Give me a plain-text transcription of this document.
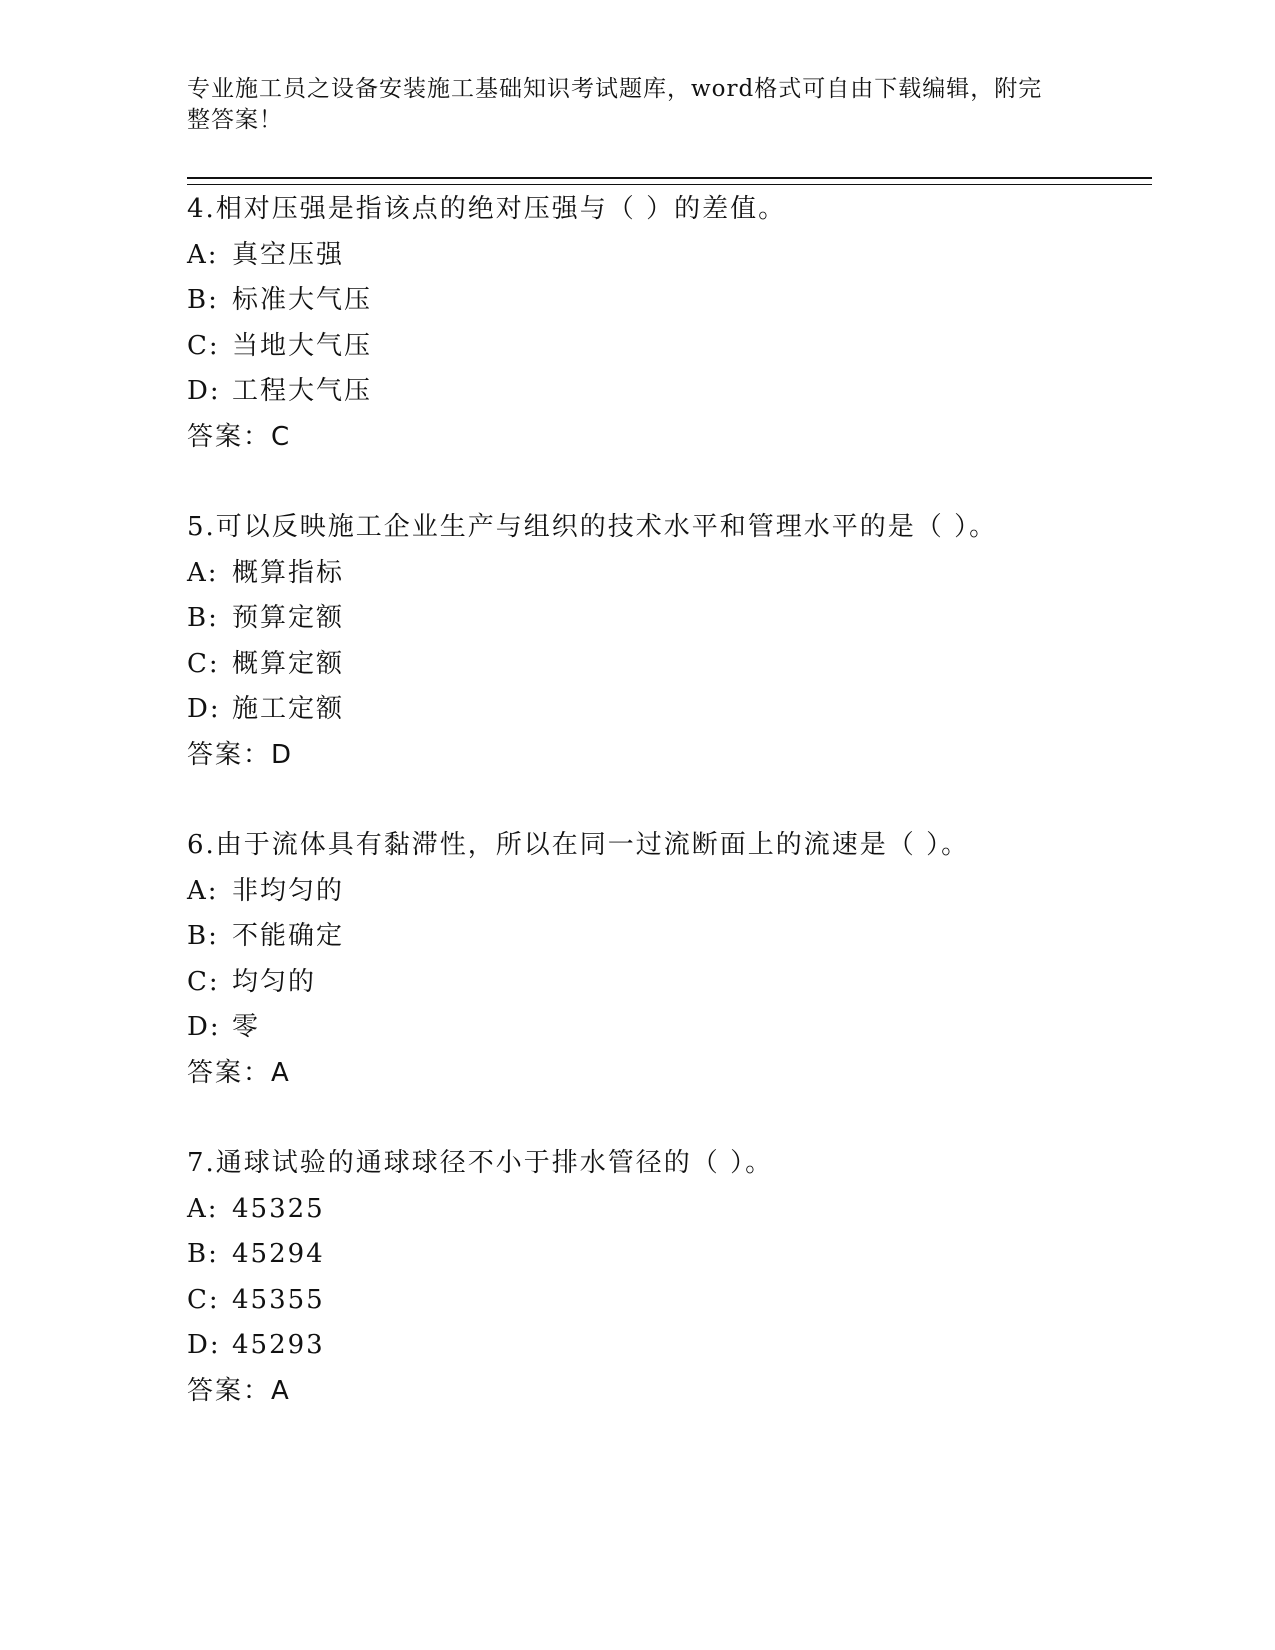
专业施工员之设备安装施工基础知识考试题库，word格式可自由下载编辑，附完
整答案！
4.相对压强是指该点的绝对压强与（ ）的差值。
A: 真空压强
B: 标准大气压
C: 当地大气压
D: 工程大气压
答案：C
5.可以反映施工企业生产与组织的技术水平和管理水平的是（ ）。
A: 概算指标
B: 预算定额
C: 概算定额
D: 施工定额
答案：D
6.由于流体具有黏滞性，所以在同一过流断面上的流速是（ ）。
A: 非均匀的
B: 不能确定
C: 均匀的
D: 零
答案：A
7.通球试验的通球球径不小于排水管径的（ ）。
A: 45325
B: 45294
C: 45355
D: 45293
答案：A
